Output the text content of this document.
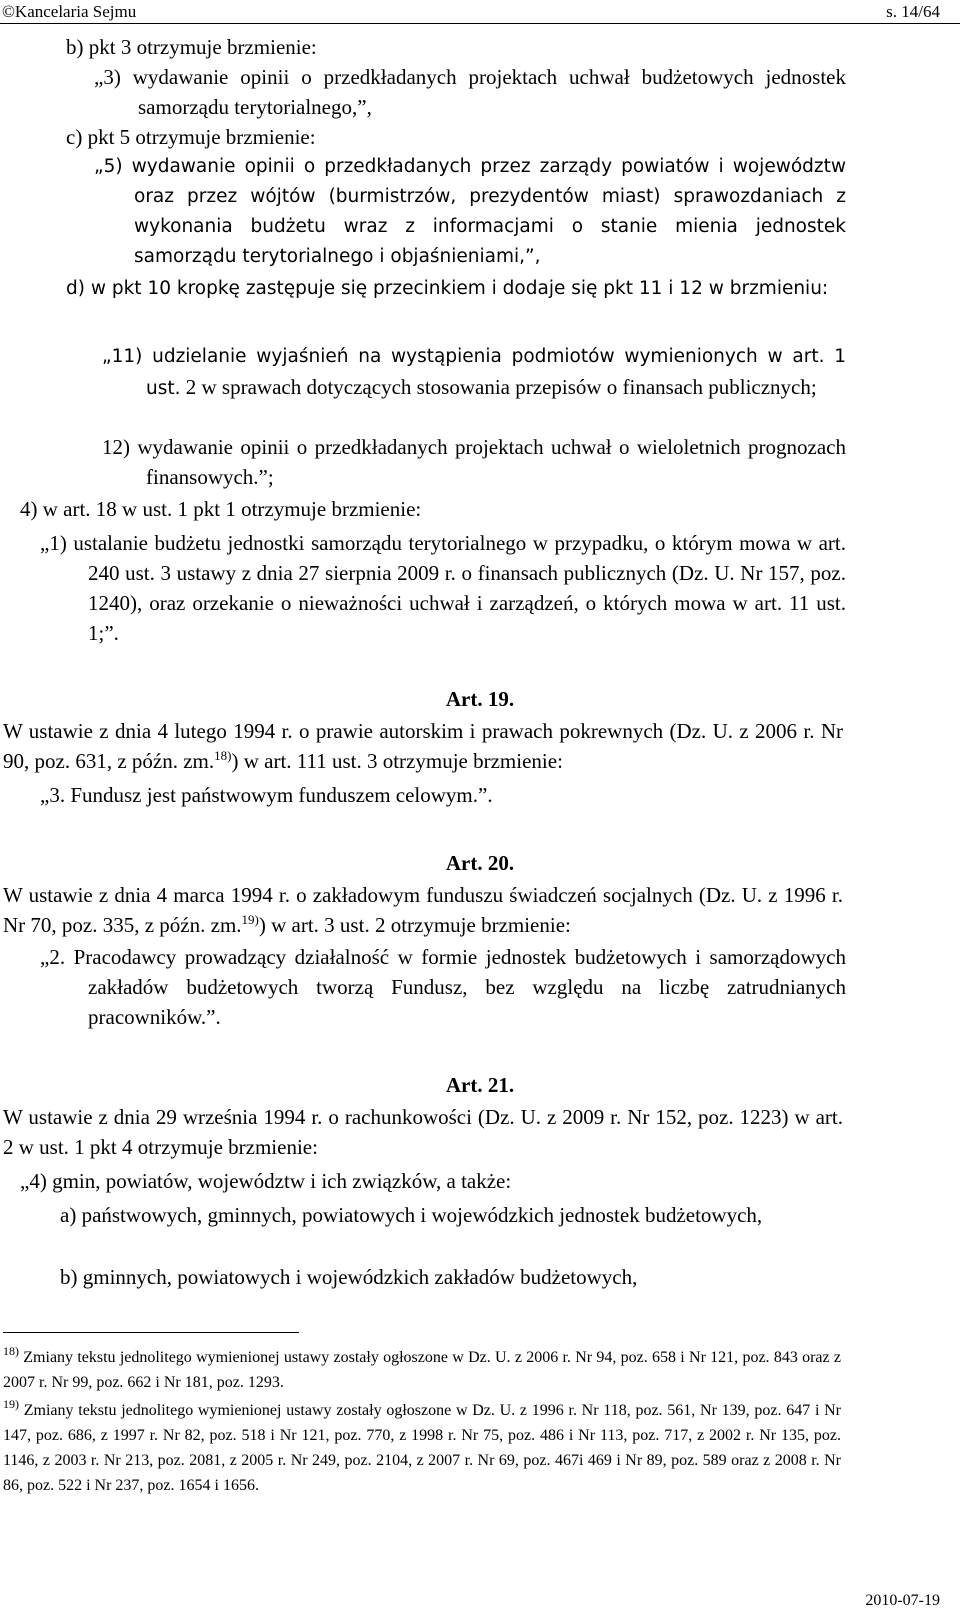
©Kancelaria Sejmu	s. 14/64

b) pkt 3 otrzymuje brzmienie:

„3) wydawanie opinii o przedkładanych projektach uchwał budżetowych jednostek samorządu terytorialnego,”,

c) pkt 5 otrzymuje brzmienie:

„5) wydawanie opinii o przedkładanych przez zarządy powiatów i województw oraz przez wójtów (burmistrzów, prezydentów miast) sprawozdaniach z wykonania budżetu wraz z informacjami o stanie mienia jednostek samorządu terytorialnego i objaśnieniami,”,

d) w pkt 10 kropkę zastępuje się przecinkiem i dodaje się pkt 11 i 12 w brzmieniu:

„11) udzielanie wyjaśnień na wystąpienia podmiotów wymienionych w art. 1 ust. 2 w sprawach dotyczących stosowania przepisów o finansach publicznych;

12) wydawanie opinii o przedkładanych projektach uchwał o wieloletnich prognozach finansowych.”;

4) w art. 18 w ust. 1 pkt 1 otrzymuje brzmienie:

„1) ustalanie budżetu jednostki samorządu terytorialnego w przypadku, o którym mowa w art. 240 ust. 3 ustawy z dnia 27 sierpnia 2009 r. o finansach publicznych (Dz. U. Nr 157, poz. 1240), oraz orzekanie o nieważności uchwał i zarządzeń, o których mowa w art. 11 ust. 1;”.

Art. 19.

W ustawie z dnia 4 lutego 1994 r. o prawie autorskim i prawach pokrewnych (Dz. U. z 2006 r. Nr 90, poz. 631, z późn. zm.$^{18)}$) w art. 111 ust. 3 otrzymuje brzmienie:

„3. Fundusz jest państwowym funduszem celowym.”.

Art. 20.

W ustawie z dnia 4 marca 1994 r. o zakładowym funduszu świadczeń socjalnych (Dz. U. z 1996 r. Nr 70, poz. 335, z późn. zm.$^{19)}$) w art. 3 ust. 2 otrzymuje brzmienie:

„2. Pracodawcy prowadzący działalność w formie jednostek budżetowych i samorządowych zakładów budżetowych tworzą Fundusz, bez względu na liczbę zatrudnianych pracowników.”.

Art. 21.

W ustawie z dnia 29 września 1994 r. o rachunkowości (Dz. U. z 2009 r. Nr 152, poz. 1223) w art. 2 w ust. 1 pkt 4 otrzymuje brzmienie:

„4) gmin, powiatów, województw i ich związków, a także:

a) państwowych, gminnych, powiatowych i wojewódzkich jednostek budżetowych,

b) gminnych, powiatowych i wojewódzkich zakładów budżetowych,

$^{18)}$ Zmiany tekstu jednolitego wymienionej ustawy zostały ogłoszone w Dz. U. z 2006 r. Nr 94, poz. 658 i Nr 121, poz. 843 oraz z 2007 r. Nr 99, poz. 662 i Nr 181, poz. 1293.
$^{19)}$ Zmiany tekstu jednolitego wymienionej ustawy zostały ogłoszone w Dz. U. z 1996 r. Nr 118, poz. 561, Nr 139, poz. 647 i Nr 147, poz. 686, z 1997 r. Nr 82, poz. 518 i Nr 121, poz. 770, z 1998 r. Nr 75, poz. 486 i Nr 113, poz. 717, z 2002 r. Nr 135, poz. 1146, z 2003 r. Nr 213, poz. 2081, z 2005 r. Nr 249, poz. 2104, z 2007 r. Nr 69, poz. 467i 469 i Nr 89, poz. 589 oraz z 2008 r. Nr 86, poz. 522 i Nr 237, poz. 1654 i 1656.
2010-07-19
